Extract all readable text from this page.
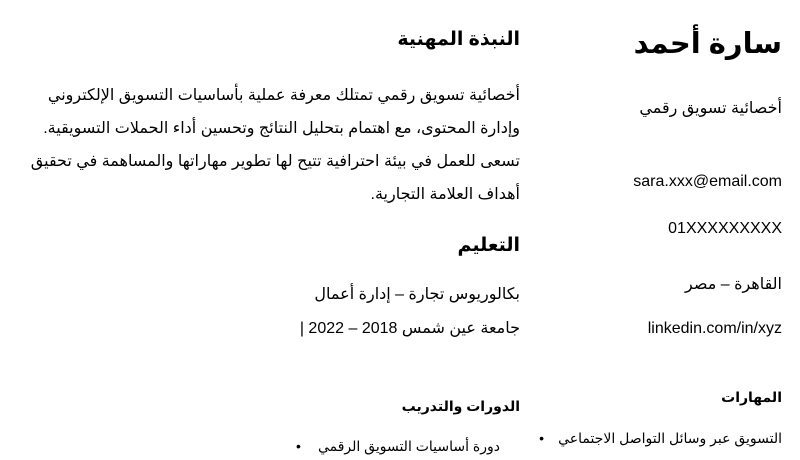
سارة أحمد
أخصائية تسويق رقمي
sara.xxx@email.com
01XXXXXXXXX
القاهرة – مصر
linkedin.com/in/xyz
المهارات
التسويق عبر وسائل التواصل الاجتماعي
•
النبذة المهنية

أخصائية تسويق رقمي تمتلك معرفة عملية بأساسيات التسويق الإلكتروني وإدارة المحتوى، مع اهتمام بتحليل النتائج وتحسين أداء الحملات التسويقية. تسعى للعمل في بيئة احترافية تتيح لها تطوير مهاراتها والمساهمة في تحقيق أهداف العلامة التجارية.

التعليم
بكالوريوس تجارة – إدارة أعمال
جامعة عين شمس 2018 – 2022 |
الدورات والتدريب
دورة أساسيات التسويق الرقمي
•
